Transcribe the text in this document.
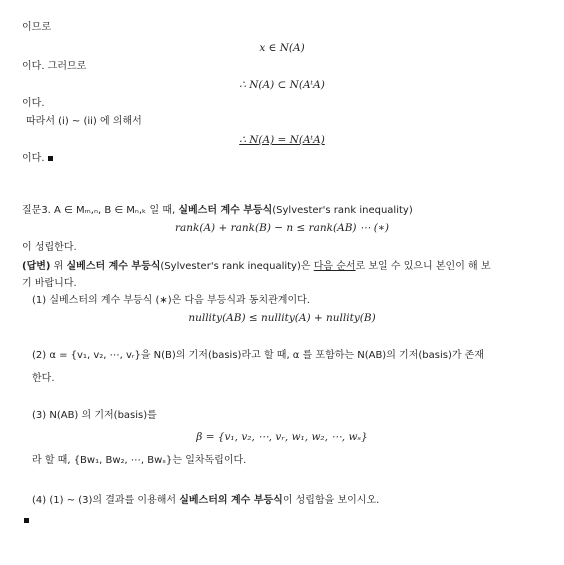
이므로
x ∈ N(A)
이다. 그러므로
∴ N(A) ⊂ N(AᵗA)
이다.
따라서 (i) ~ (ii) 에 의해서
∴ N(A) = N(AᵗA)
이다.
질문3. A ∈ Mₘ,ₙ, B ∈ Mₙ,ₖ 일 때, 실베스터 계수 부등식(Sylvester's rank inequality)
rank(A) + rank(B) − n ≤ rank(AB) ⋯ (∗)
이 성립한다.
(답변) 위 실베스터 계수 부등식(Sylvester's rank inequality)은 다음 순서로 보일 수 있으니 본인이 해 보
기 바랍니다.
(1) 실베스터의 계수 부등식 (∗)은 다음 부등식과 동치관계이다.
nullity(AB) ≤ nullity(A) + nullity(B)
(2) α = {v₁, v₂, ⋯, vᵣ}을 N(B)의 기저(basis)라고 할 때, α 를 포함하는 N(AB)의 기저(basis)가 존재
한다.
(3) N(AB) 의 기저(basis)를
β = {v₁, v₂, ⋯, vᵣ, w₁, w₂, ⋯, wₛ}
라 할 때, {Bw₁, Bw₂, ⋯, Bwₛ}는 일차독립이다.
(4) (1) ~ (3)의 결과를 이용해서 실베스터의 계수 부등식이 성립함을 보이시오.
